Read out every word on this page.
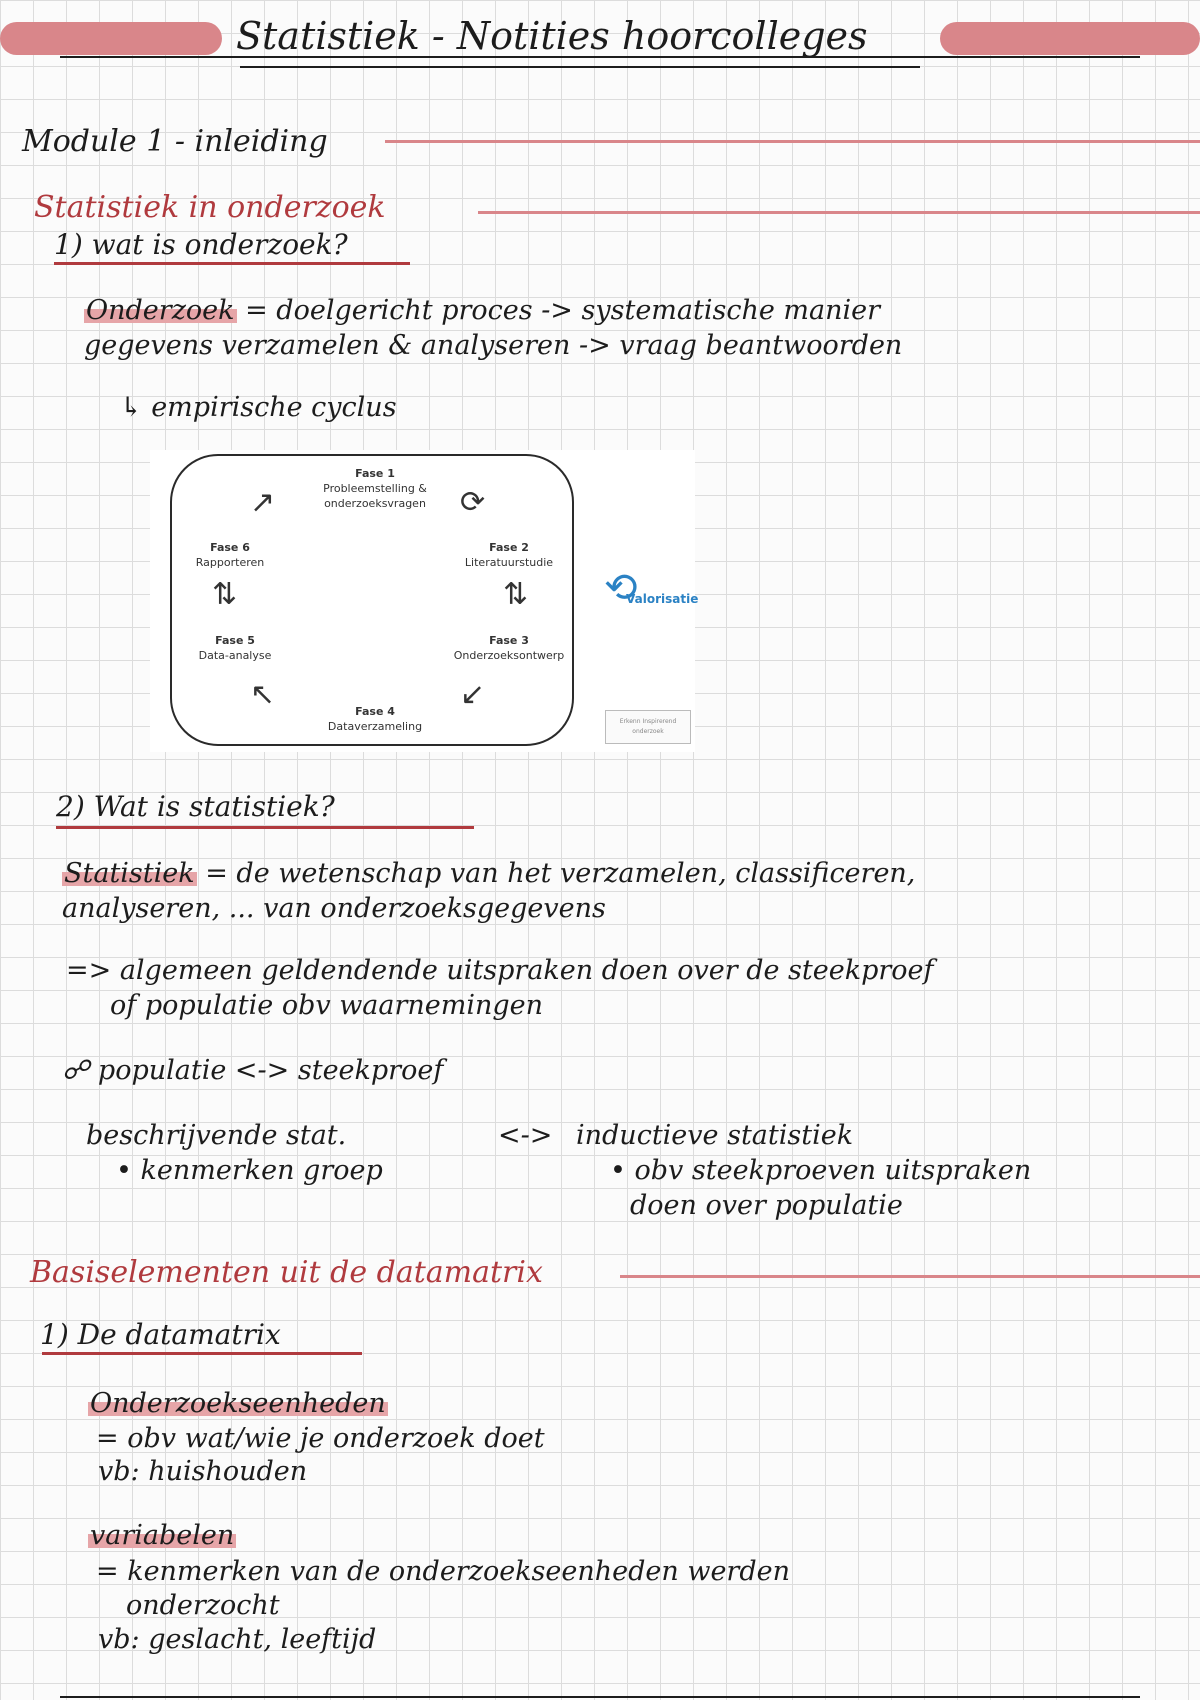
Statistiek - Notities hoorcolleges
Module 1 - inleiding
Statistiek in onderzoek
1) wat is onderzoek?
Onderzoek = doelgericht proces -> systematische manier
gegevens verzamelen & analyseren -> vraag beantwoorden
↳ empirische cyclus
Fase 1
Probleemstelling &
onderzoeksvragen
Fase 2
Literatuurstudie
Fase 3
Onderzoeksontwerp
Fase 4
Dataverzameling
Fase 5
Data-analyse
Fase 6
Rapporteren
↗	⟳
⇅
↙
↖
⇅	⟲
Valorisatie
Erkenn Inspirerend onderzoek
2) Wat is statistiek?
Statistiek = de wetenschap van het verzamelen, classificeren,
analyseren, ... van onderzoeksgegevens
=> algemeen geldendende uitspraken doen over de steekproef
of populatie obv waarnemingen
☍ populatie <-> steekproef
beschrijvende stat.	<-> inductieve statistiek
• kenmerken groep	• obv steekproeven uitspraken
doen over populatie
Basiselementen uit de datamatrix
1) De datamatrix
Onderzoekseenheden
= obv wat/wie je onderzoek doet
vb: huishouden
variabelen
= kenmerken van de onderzoekseenheden werden
onderzocht
vb: geslacht, leeftijd
